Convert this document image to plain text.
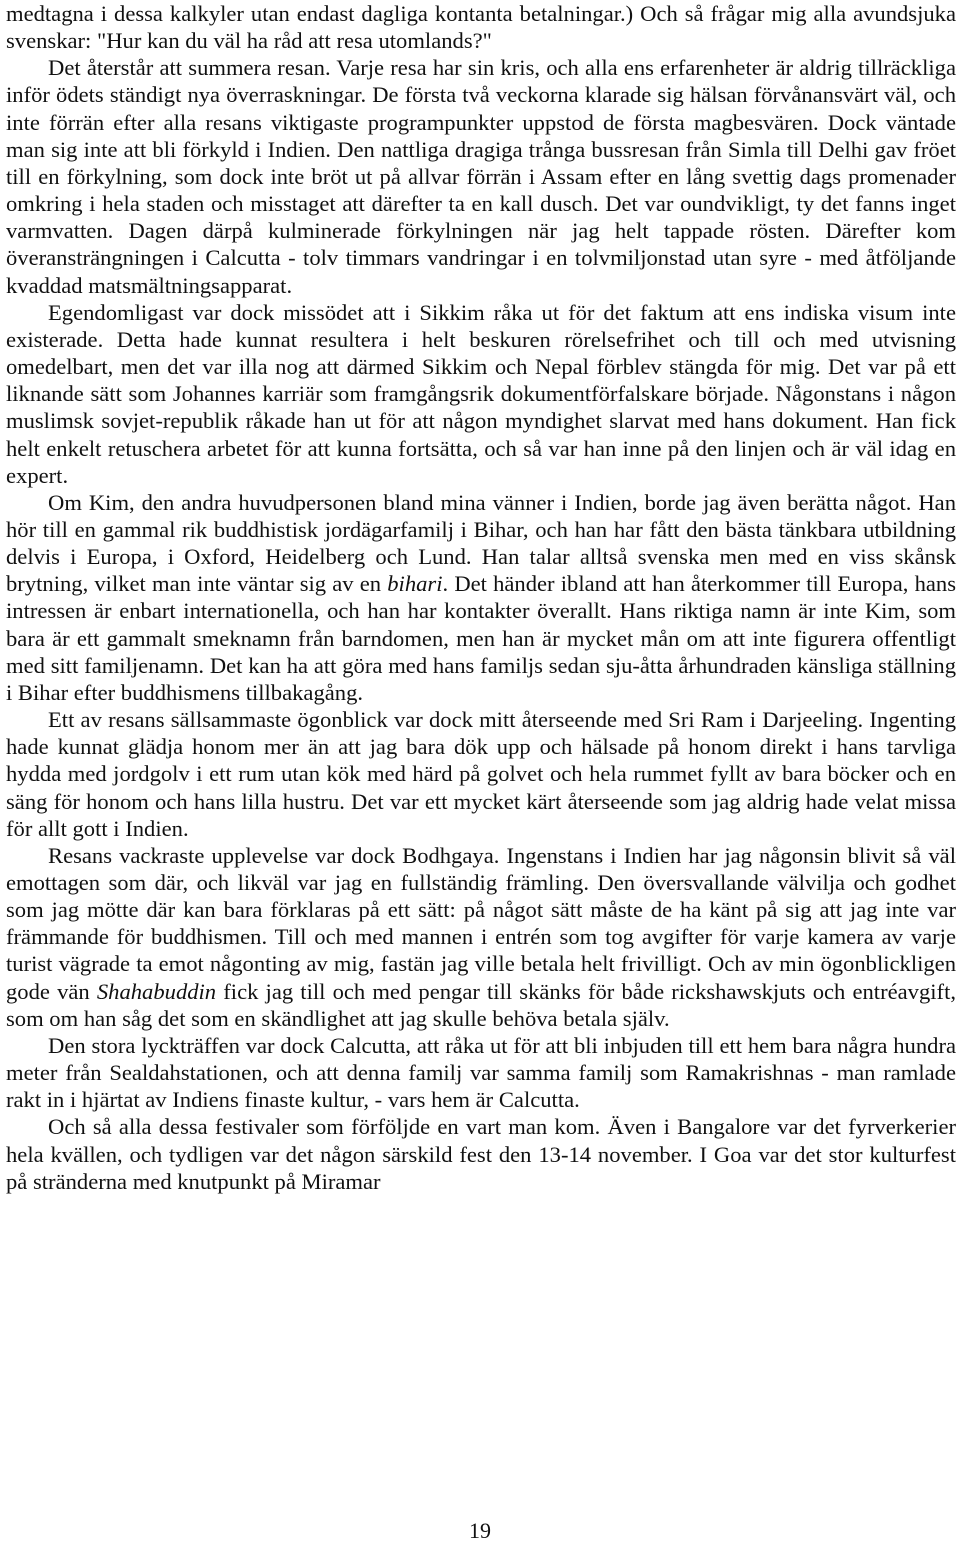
medtagna i dessa kalkyler utan endast dagliga kontanta betalningar.) Och så frågar mig alla avundsjuka svenskar: "Hur kan du väl ha råd att resa utomlands?"

Det återstår att summera resan. Varje resa har sin kris, och alla ens erfarenheter är aldrig tillräckliga inför ödets ständigt nya överraskningar. De första två veckorna klarade sig hälsan förvånansvärt väl, och inte förrän efter alla resans viktigaste programpunkter uppstod de första magbesvären. Dock väntade man sig inte att bli förkyld i Indien. Den nattliga dragiga trånga bussresan från Simla till Delhi gav fröet till en förkylning, som dock inte bröt ut på allvar förrän i Assam efter en lång svettig dags promenader omkring i hela staden och misstaget att därefter ta en kall dusch. Det var oundvikligt, ty det fanns inget varmvatten. Dagen därpå kulminerade förkylningen när jag helt tappade rösten. Därefter kom överansträngningen i Calcutta - tolv timmars vandringar i en tolvmiljonstad utan syre - med åtföljande kvaddad matsmältningsapparat.

Egendomligast var dock missödet att i Sikkim råka ut för det faktum att ens indiska visum inte existerade. Detta hade kunnat resultera i helt beskuren rörelsefrihet och till och med utvisning omedelbart, men det var illa nog att därmed Sikkim och Nepal förblev stängda för mig. Det var på ett liknande sätt som Johannes karriär som framgångsrik dokumentförfalskare började. Någonstans i någon muslimsk sovjet-republik råkade han ut för att någon myndighet slarvat med hans dokument. Han fick helt enkelt retuschera arbetet för att kunna fortsätta, och så var han inne på den linjen och är väl idag en expert.

Om Kim, den andra huvudpersonen bland mina vänner i Indien, borde jag även berätta något. Han hör till en gammal rik buddhistisk jordägarfamilj i Bihar, och han har fått den bästa tänkbara utbildning delvis i Europa, i Oxford, Heidelberg och Lund. Han talar alltså svenska men med en viss skånsk brytning, vilket man inte väntar sig av en bihari. Det händer ibland att han återkommer till Europa, hans intressen är enbart internationella, och han har kontakter överallt. Hans riktiga namn är inte Kim, som bara är ett gammalt smeknamn från barndomen, men han är mycket mån om att inte figurera offentligt med sitt familjenamn. Det kan ha att göra med hans familjs sedan sju-åtta århundraden känsliga ställning i Bihar efter buddhismens tillbakagång.

Ett av resans sällsammaste ögonblick var dock mitt återseende med Sri Ram i Darjeeling. Ingenting hade kunnat glädja honom mer än att jag bara dök upp och hälsade på honom direkt i hans tarvliga hydda med jordgolv i ett rum utan kök med härd på golvet och hela rummet fyllt av bara böcker och en säng för honom och hans lilla hustru. Det var ett mycket kärt återseende som jag aldrig hade velat missa för allt gott i Indien.

Resans vackraste upplevelse var dock Bodhgaya. Ingenstans i Indien har jag någonsin blivit så väl emottagen som där, och likväl var jag en fullständig främling. Den översvallande välvilja och godhet som jag mötte där kan bara förklaras på ett sätt: på något sätt måste de ha känt på sig att jag inte var främmande för buddhismen. Till och med mannen i entrén som tog avgifter för varje kamera av varje turist vägrade ta emot någonting av mig, fastän jag ville betala helt frivilligt. Och av min ögonblickligen gode vän Shahabuddin fick jag till och med pengar till skänks för både rickshawskjuts och entréavgift, som om han såg det som en skändlighet att jag skulle behöva betala själv.

Den stora lyckträffen var dock Calcutta, att råka ut för att bli inbjuden till ett hem bara några hundra meter från Sealdahstationen, och att denna familj var samma familj som Ramakrishnas - man ramlade rakt in i hjärtat av Indiens finaste kultur, - vars hem är Calcutta.

Och så alla dessa festivaler som förföljde en vart man kom. Även i Bangalore var det fyrverkerier hela kvällen, och tydligen var det någon särskild fest den 13-14 november. I Goa var det stor kulturfest på stränderna med knutpunkt på Miramar

19
